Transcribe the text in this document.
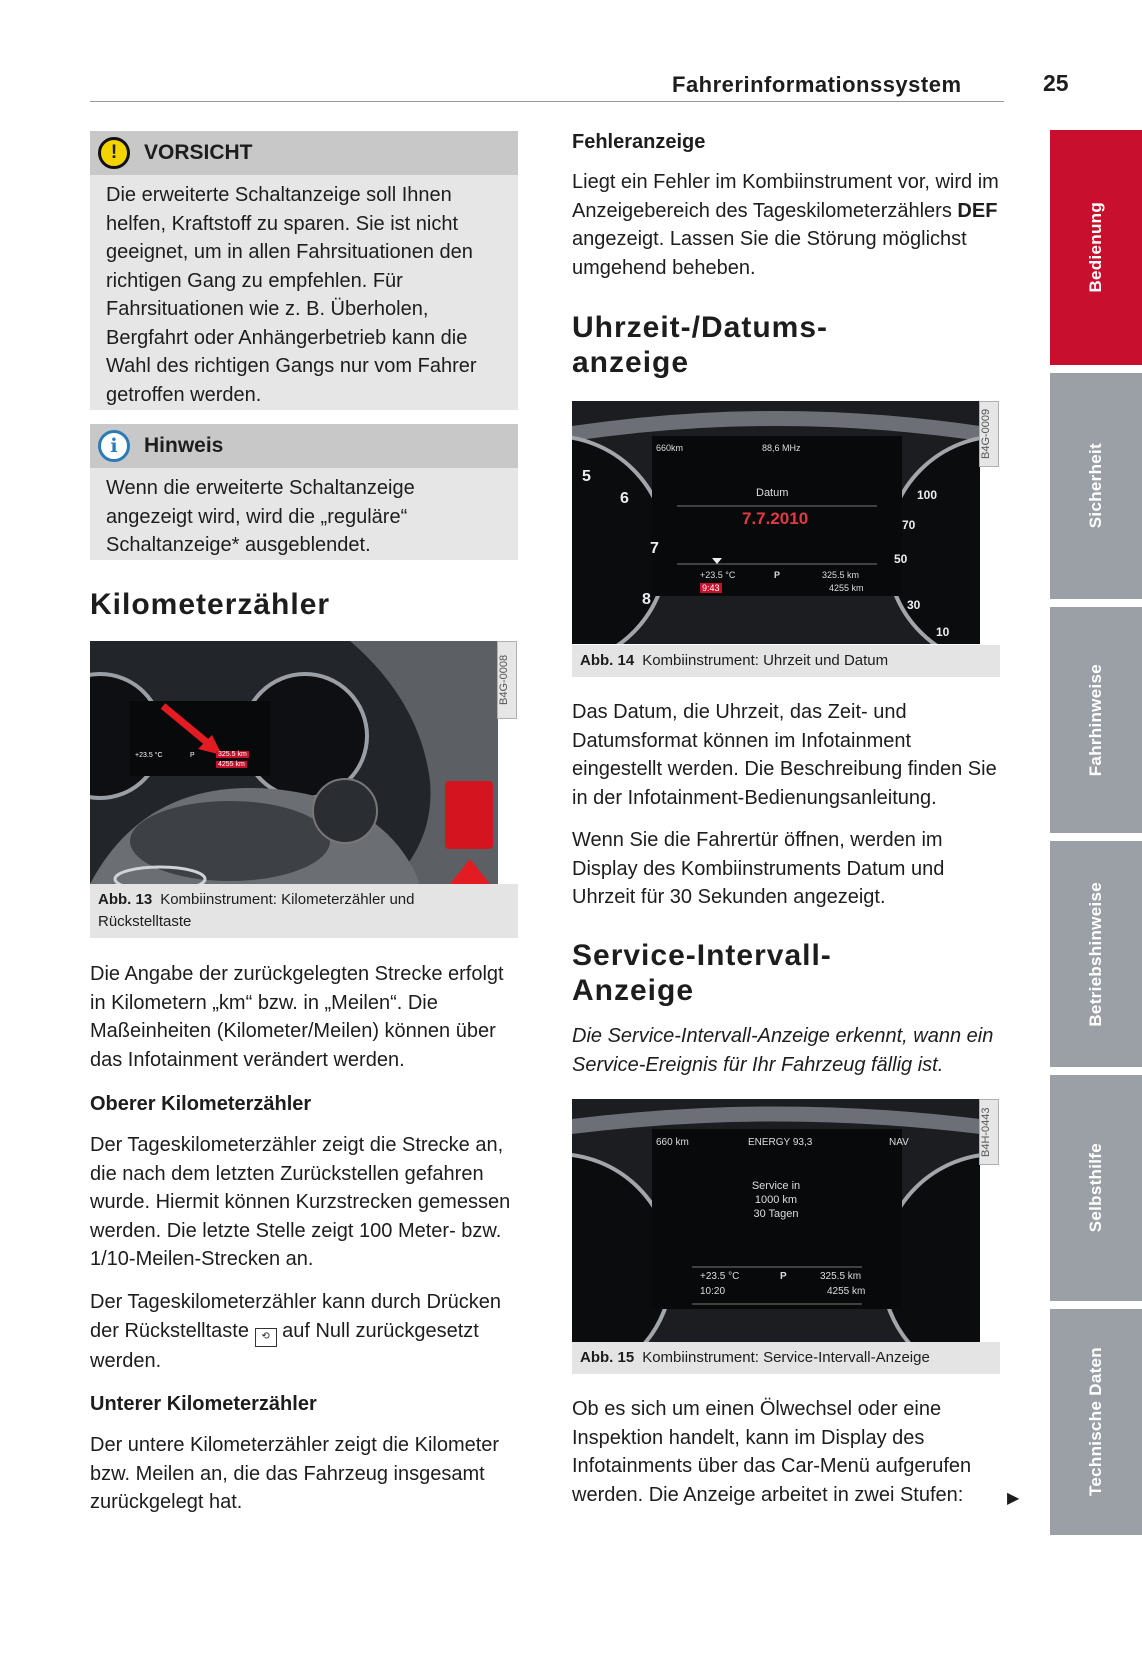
Fahrerinformationssystem	25
!	VORSICHT
Die erweiterte Schaltanzeige soll Ihnen helfen, Kraftstoff zu sparen. Sie ist nicht geeignet, um in allen Fahrsituationen den richtigen Gang zu empfehlen. Für Fahrsituationen wie z. B. Überholen, Bergfahrt oder Anhängerbetrieb kann die Wahl des richtigen Gangs nur vom Fahrer getroffen werden.
i	Hinweis
Wenn die erweiterte Schaltanzeige angezeigt wird, wird die „reguläre“ Schaltanzeige* ausgeblendet.
Kilometerzähler
+23.5 °C	P	325.5 km
4255 km
B4G-0008
Abb. 13 Kombiinstrument: Kilometerzähler und Rückstelltaste

Die Angabe der zurückgelegten Strecke erfolgt in Kilometern „km“ bzw. in „Meilen“. Die Maßeinheiten (Kilometer/Meilen) können über das Infotainment verändert werden.

Oberer Kilometerzähler

Der Tageskilometerzähler zeigt die Strecke an, die nach dem letzten Zurückstellen gefahren wurde. Hiermit können Kurzstrecken gemessen werden. Die letzte Stelle zeigt 100 Meter- bzw. 1/10-Meilen-Strecken an.

Der Tageskilometerzähler kann durch Drücken der Rückstelltaste ⟲ auf Null zurückgesetzt werden.

Unterer Kilometerzähler

Der untere Kilometerzähler zeigt die Kilometer bzw. Meilen an, die das Fahrzeug insgesamt zurückgelegt hat.

Fehleranzeige

Liegt ein Fehler im Kombiinstrument vor, wird im Anzeigebereich des Tageskilometerzählers DEF angezeigt. Lassen Sie die Störung möglichst umgehend beheben.

Uhrzeit-/Datums-
anzeige
5
6
7
8
100
70
50
30
10
660km	88,6 MHz
Datum
7.7.2010
+23.5 °C
9:43
P	325.5 km
4255 km
B4G-0009
Abb. 14 Kombiinstrument: Uhrzeit und Datum

Das Datum, die Uhrzeit, das Zeit- und Datumsformat können im Infotainment eingestellt werden. Die Beschreibung finden Sie in der Infotainment-Bedienungsanleitung.

Wenn Sie die Fahrertür öffnen, werden im Display des Kombiinstruments Datum und Uhrzeit für 30 Sekunden angezeigt.

Service-Intervall-
Anzeige

Die Service-Intervall-Anzeige erkennt, wann ein Service-Ereignis für Ihr Fahrzeug fällig ist.

660 km	ENERGY 93,3	NAV
Service in
1000 km
30 Tagen
+23.5 °C
10:20
P	325.5 km
4255 km
B4H-0443
Abb. 15 Kombiinstrument: Service-Intervall-Anzeige

Ob es sich um einen Ölwechsel oder eine Inspektion handelt, kann im Display des Infotainments über das Car-Menü aufgerufen werden. Die Anzeige arbeitet in zwei Stufen:	▶
Bedienung
Sicherheit
Fahrhinweise
Betriebshinweise
Selbsthilfe
Technische Daten
